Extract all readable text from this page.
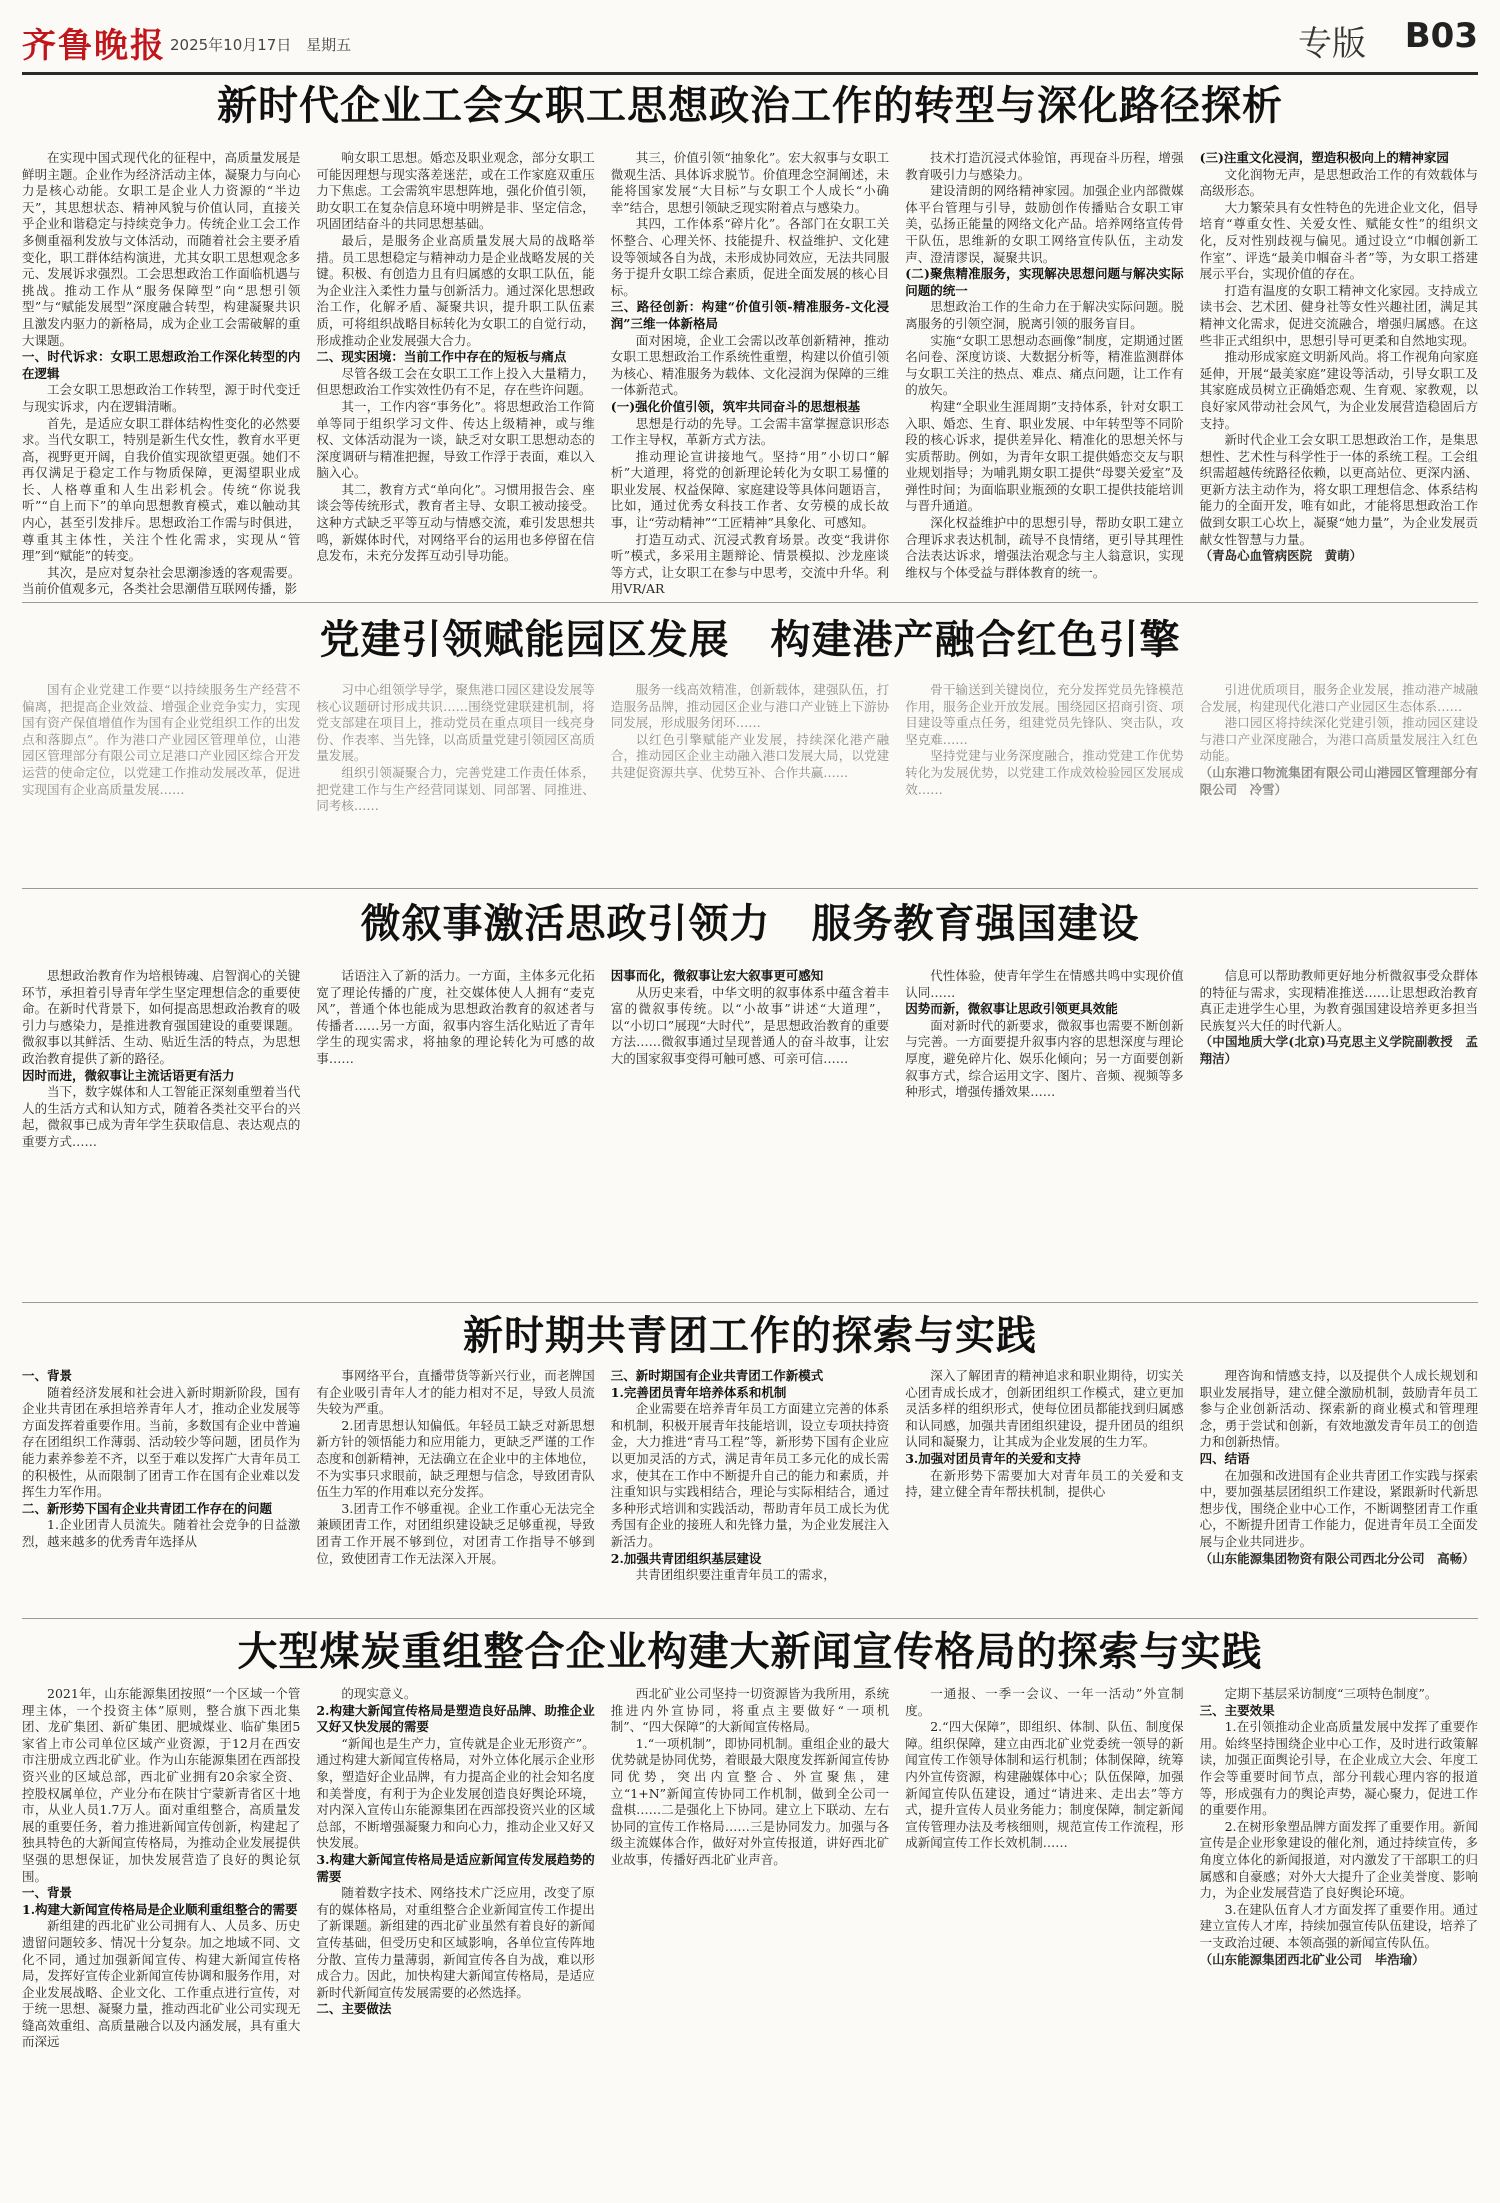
齐鲁晚报 2025年10月17日 星期五	专版 B03
新时代企业工会女职工思想政治工作的转型与深化路径探析

在实现中国式现代化的征程中，高质量发展是鲜明主题。企业作为经济活动主体，凝聚力与向心力是核心动能。女职工是企业人力资源的“半边天”，其思想状态、精神风貌与价值认同，直接关乎企业和谐稳定与持续竞争力。传统企业工会工作多侧重福利发放与文体活动，而随着社会主要矛盾变化，职工群体结构演进，尤其女职工思想观念多元、发展诉求强烈。工会思想政治工作面临机遇与挑战。推动工作从“服务保障型”向“思想引领型”与“赋能发展型”深度融合转型，构建凝聚共识且激发内驱力的新格局，成为企业工会需破解的重大课题。

一、时代诉求：女职工思想政治工作深化转型的内在逻辑

工会女职工思想政治工作转型，源于时代变迁与现实诉求，内在逻辑清晰。

首先，是适应女职工群体结构性变化的必然要求。当代女职工，特别是新生代女性，教育水平更高，视野更开阔，自我价值实现欲望更强。她们不再仅满足于稳定工作与物质保障，更渴望职业成长、人格尊重和人生出彩机会。传统“你说我听”“自上而下”的单向思想教育模式，难以触动其内心，甚至引发排斥。思想政治工作需与时俱进，尊重其主体性，关注个性化需求，实现从“管理”到“赋能”的转变。

其次，是应对复杂社会思潮渗透的客观需要。当前价值观多元，各类社会思潮借互联网传播，影

响女职工思想。婚恋及职业观念，部分女职工可能因理想与现实落差迷茫，或在工作家庭双重压力下焦虑。工会需筑牢思想阵地，强化价值引领，助女职工在复杂信息环境中明辨是非、坚定信念，巩固团结奋斗的共同思想基础。

最后，是服务企业高质量发展大局的战略举措。员工思想稳定与精神动力是企业战略发展的关键。积极、有创造力且有归属感的女职工队伍，能为企业注入柔性力量与创新活力。通过深化思想政治工作，化解矛盾、凝聚共识，提升职工队伍素质，可将组织战略目标转化为女职工的自觉行动，形成推动企业发展强大合力。

二、现实困境：当前工作中存在的短板与痛点

尽管各级工会在女职工工作上投入大量精力，但思想政治工作实效性仍有不足，存在些许问题。

其一，工作内容“事务化”。将思想政治工作简单等同于组织学习文件、传达上级精神，或与维权、文体活动混为一谈，缺乏对女职工思想动态的深度调研与精准把握，导致工作浮于表面，难以入脑入心。

其二，教育方式“单向化”。习惯用报告会、座谈会等传统形式，教育者主导、女职工被动接受。这种方式缺乏平等互动与情感交流，难引发思想共鸣，新媒体时代，对网络平台的运用也多停留在信息发布，未充分发挥互动引导功能。

其三，价值引领“抽象化”。宏大叙事与女职工微观生活、具体诉求脱节。价值理念空洞阐述，未能将国家发展“大目标”与女职工个人成长“小确幸”结合，思想引领缺乏现实附着点与感染力。

其四，工作体系“碎片化”。各部门在女职工关怀整合、心理关怀、技能提升、权益维护、文化建设等领域各自为战，未形成协同效应，无法共同服务于提升女职工综合素质，促进全面发展的核心目标。

三、路径创新：构建“价值引领-精准服务-文化浸润”三维一体新格局

面对困境，企业工会需以改革创新精神，推动女职工思想政治工作系统性重塑，构建以价值引领为核心、精准服务为载体、文化浸润为保障的三维一体新范式。

(一)强化价值引领，筑牢共同奋斗的思想根基

思想是行动的先导。工会需丰富掌握意识形态工作主导权，革新方式方法。

推动理论宣讲接地气。坚持“用”小切口“解析”大道理，将党的创新理论转化为女职工易懂的职业发展、权益保障、家庭建设等具体问题语言，比如，通过优秀女科技工作者、女劳模的成长故事，让“劳动精神”“工匠精神”具象化、可感知。

打造互动式、沉浸式教育场景。改变“我讲你听”模式，多采用主题辩论、情景模拟、沙龙座谈等方式，让女职工在参与中思考，交流中升华。利用VR/AR

技术打造沉浸式体验馆，再现奋斗历程，增强教育吸引力与感染力。

建设清朗的网络精神家园。加强企业内部微媒体平台管理与引导，鼓励创作传播贴合女职工审美，弘扬正能量的网络文化产品。培养网络宣传骨干队伍，思维新的女职工网络宣传队伍，主动发声、澄清谬误，凝聚共识。

(二)聚焦精准服务，实现解决思想问题与解决实际问题的统一

思想政治工作的生命力在于解决实际问题。脱离服务的引领空洞，脱离引领的服务盲目。

实施“女职工思想动态画像”制度，定期通过匿名问卷、深度访谈、大数据分析等，精准监测群体与女职工关注的热点、难点、痛点问题，让工作有的放矢。

构建“全职业生涯周期”支持体系，针对女职工入职、婚恋、生育、职业发展、中年转型等不同阶段的核心诉求，提供差异化、精准化的思想关怀与实质帮助。例如，为青年女职工提供婚恋交友与职业规划指导；为哺乳期女职工提供“母婴关爱室”及弹性时间；为面临职业瓶颈的女职工提供技能培训与晋升通道。

深化权益维护中的思想引导，帮助女职工建立合理诉求表达机制，疏导不良情绪，更引导其理性合法表达诉求，增强法治观念与主人翁意识，实现维权与个体受益与群体教育的统一。

(三)注重文化浸润，塑造积极向上的精神家园

文化润物无声，是思想政治工作的有效载体与高级形态。

大力繁荣具有女性特色的先进企业文化，倡导培育“尊重女性、关爱女性、赋能女性”的组织文化，反对性别歧视与偏见。通过设立“巾帼创新工作室”、评选“最美巾帼奋斗者”等，为女职工搭建展示平台，实现价值的存在。

打造有温度的女职工精神文化家园。支持成立读书会、艺术团、健身社等女性兴趣社团，满足其精神文化需求，促进交流融合，增强归属感。在这些非正式组织中，思想引导可更柔和自然地实现。

推动形成家庭文明新风尚。将工作视角向家庭延伸，开展“最美家庭”建设等活动，引导女职工及其家庭成员树立正确婚恋观、生育观、家教观，以良好家风带动社会风气，为企业发展营造稳固后方支持。

新时代企业工会女职工思想政治工作，是集思想性、艺术性与科学性于一体的系统工程。工会组织需超越传统路径依赖，以更高站位、更深内涵、更新方法主动作为，将女职工理想信念、体系结构能力的全面开发，唯有如此，才能将思想政治工作做到女职工心坎上，凝聚“她力量”，为企业发展贡献女性智慧与力量。

（青岛心血管病医院　黄萌）

党建引领赋能园区发展　构建港产融合红色引擎

国有企业党建工作要“以持续服务生产经营不偏离，把提高企业效益、增强企业竞争实力，实现国有资产保值增值作为国有企业党组织工作的出发点和落脚点”。作为港口产业园区管理单位，山港园区管理部分有限公司立足港口产业园区综合开发运营的使命定位，以党建工作推动发展改革，促进实现国有企业高质量发展……

习中心组领学导学，聚焦港口园区建设发展等核心议题研讨形成共识……围绕党建联建机制，将党支部建在项目上，推动党员在重点项目一线亮身份、作表率、当先锋，以高质量党建引领园区高质量发展。

组织引领凝聚合力，完善党建工作责任体系，把党建工作与生产经营同谋划、同部署、同推进、同考核……

服务一线高效精准，创新载体，建强队伍，打造服务品牌，推动园区企业与港口产业链上下游协同发展，形成服务闭环……

以红色引擎赋能产业发展，持续深化港产融合，推动园区企业主动融入港口发展大局，以党建共建促资源共享、优势互补、合作共赢……

骨干输送到关键岗位，充分发挥党员先锋模范作用，服务企业开放发展。围绕园区招商引资、项目建设等重点任务，组建党员先锋队、突击队，攻坚克难……

坚持党建与业务深度融合，推动党建工作优势转化为发展优势，以党建工作成效检验园区发展成效……

引进优质项目，服务企业发展，推动港产城融合发展，构建现代化港口产业园区生态体系……

港口园区将持续深化党建引领，推动园区建设与港口产业深度融合，为港口高质量发展注入红色动能。

（山东港口物流集团有限公司山港园区管理部分有限公司　冷雪）

微叙事激活思政引领力　服务教育强国建设

思想政治教育作为培根铸魂、启智润心的关键环节，承担着引导青年学生坚定理想信念的重要使命。在新时代背景下，如何提高思想政治教育的吸引力与感染力，是推进教育强国建设的重要课题。微叙事以其鲜活、生动、贴近生活的特点，为思想政治教育提供了新的路径。

因时而进，微叙事让主流话语更有活力

当下，数字媒体和人工智能正深刻重塑着当代人的生活方式和认知方式，随着各类社交平台的兴起，微叙事已成为青年学生获取信息、表达观点的重要方式……

话语注入了新的活力。一方面，主体多元化拓宽了理论传播的广度，社交媒体使人人拥有“麦克风”，普通个体也能成为思想政治教育的叙述者与传播者……另一方面，叙事内容生活化贴近了青年学生的现实需求，将抽象的理论转化为可感的故事……

因事而化，微叙事让宏大叙事更可感知

从历史来看，中华文明的叙事体系中蕴含着丰富的微叙事传统。以“小故事”讲述“大道理”，以“小切口”展现“大时代”，是思想政治教育的重要方法……微叙事通过呈现普通人的奋斗故事，让宏大的国家叙事变得可触可感、可亲可信……

代性体验，使青年学生在情感共鸣中实现价值认同……

因势而新，微叙事让思政引领更具效能

面对新时代的新要求，微叙事也需要不断创新与完善。一方面要提升叙事内容的思想深度与理论厚度，避免碎片化、娱乐化倾向；另一方面要创新叙事方式，综合运用文字、图片、音频、视频等多种形式，增强传播效果……

信息可以帮助教师更好地分析微叙事受众群体的特征与需求，实现精准推送……让思想政治教育真正走进学生心里，为教育强国建设培养更多担当民族复兴大任的时代新人。

（中国地质大学(北京)马克思主义学院副教授　孟翔洁）

新时期共青团工作的探索与实践

一、背景

随着经济发展和社会进入新时期新阶段，国有企业共青团在承担培养青年人才，推动企业发展等方面发挥着重要作用。当前，多数国有企业中普遍存在团组织工作薄弱、活动较少等问题，团员作为能力素养参差不齐，以至于难以发挥广大青年员工的积极性，从而限制了团青工作在国有企业难以发挥生力军作用。

二、新形势下国有企业共青团工作存在的问题

1.企业团青人员流失。随着社会竞争的日益激烈，越来越多的优秀青年选择从

事网络平台，直播带货等新兴行业，而老牌国有企业吸引青年人才的能力相对不足，导致人员流失较为严重。

2.团青思想认知偏低。年轻员工缺乏对新思想新方针的领悟能力和应用能力，更缺乏严谨的工作态度和创新精神，无法确立在企业中的主体地位，不为实事只求眼前，缺乏理想与信念，导致团青队伍生力军的作用难以充分发挥。

3.团青工作不够重视。企业工作重心无法完全兼顾团青工作，对团组织建设缺乏足够重视，导致团青工作开展不够到位，对团青工作指导不够到位，致使团青工作无法深入开展。

三、新时期国有企业共青团工作新模式

1.完善团员青年培养体系和机制

企业需要在培养青年员工方面建立完善的体系和机制，积极开展青年技能培训，设立专项扶持资金，大力推进“青马工程”等，新形势下国有企业应以更加灵活的方式，满足青年员工多元化的成长需求，使其在工作中不断提升自己的能力和素质，并注重知识与实践相结合，理论与实际相结合，通过多种形式培训和实践活动，帮助青年员工成长为优秀国有企业的接班人和先锋力量，为企业发展注入新活力。

2.加强共青团组织基层建设

共青团组织要注重青年员工的需求，

深入了解团青的精神追求和职业期待，切实关心团青成长成才，创新团组织工作模式，建立更加灵活多样的组织形式，使每位团员都能找到归属感和认同感，加强共青团组织建设，提升团员的组织认同和凝聚力，让其成为企业发展的生力军。

3.加强对团员青年的关爱和支持

在新形势下需要加大对青年员工的关爱和支持，建立健全青年帮扶机制，提供心

理咨询和情感支持，以及提供个人成长规划和职业发展指导，建立健全激励机制，鼓励青年员工参与企业创新活动、探索新的商业模式和管理理念，勇于尝试和创新，有效地激发青年员工的创造力和创新热情。

四、结语

在加强和改进国有企业共青团工作实践与探索中，要加强基层团组织工作建设，紧跟新时代新思想步伐，围绕企业中心工作，不断调整团青工作重心，不断提升团青工作能力，促进青年员工全面发展与企业共同进步。

（山东能源集团物资有限公司西北分公司　高畅）

大型煤炭重组整合企业构建大新闻宣传格局的探索与实践

2021年，山东能源集团按照“一个区域一个管理主体，一个投资主体”原则，整合旗下西北集团、龙矿集团、新矿集团、肥城煤业、临矿集团5家省上市公司单位区域产业资源，于12月在西安市注册成立西北矿业。作为山东能源集团在西部投资兴业的区域总部，西北矿业拥有20余家全资、控股权属单位，产业分布在陕甘宁蒙新青省区十地市，从业人员1.7万人。面对重组整合，高质量发展的重要任务，着力推进新闻宣传创新，构建起了独具特色的大新闻宣传格局，为推动企业发展提供坚强的思想保证，加快发展营造了良好的舆论氛围。

一、背景

1.构建大新闻宣传格局是企业顺利重组整合的需要

新组建的西北矿业公司拥有人、人员多、历史遗留问题较多、情况十分复杂。加之地域不同、文化不同，通过加强新闻宣传、构建大新闻宣传格局，发挥好宣传企业新闻宣传协调和服务作用，对企业发展战略、企业文化、工作重点进行宣传，对于统一思想、凝聚力量，推动西北矿业公司实现无缝高效重组、高质量融合以及内涵发展，具有重大而深远

的现实意义。

2.构建大新闻宣传格局是塑造良好品牌、助推企业又好又快发展的需要

“新闻也是生产力，宣传就是企业无形资产”。通过构建大新闻宣传格局，对外立体化展示企业形象，塑造好企业品牌，有力提高企业的社会知名度和美誉度，有利于为企业发展创造良好舆论环境，对内深入宣传山东能源集团在西部投资兴业的区域总部，不断增强凝聚力和向心力，推动企业又好又快发展。

3.构建大新闻宣传格局是适应新闻宣传发展趋势的需要

随着数字技术、网络技术广泛应用，改变了原有的媒体格局，对重组整合企业新闻宣传工作提出了新课题。新组建的西北矿业虽然有着良好的新闻宣传基础，但受历史和区域影响，各单位宣传阵地分散、宣传力量薄弱，新闻宣传各自为战，难以形成合力。因此，加快构建大新闻宣传格局，是适应新时代新闻宣传发展需要的必然选择。

二、主要做法

西北矿业公司坚持一切资源皆为我所用，系统推进内外宣协同，将重点主要做好“一项机制”、“四大保障”的大新闻宣传格局。

1.“一项机制”，即协同机制。重组企业的最大优势就是协同优势，着眼最大限度发挥新闻宣传协同优势，突出内宣整合、外宣聚焦，建立“1+N”新闻宣传协同工作机制，做到全公司一盘棋……二是强化上下协同。建立上下联动、左右协同的宣传工作格局……三是协同发力。加强与各级主流媒体合作，做好对外宣传报道，讲好西北矿业故事，传播好西北矿业声音。

一通报、一季一会议、一年一活动”外宣制度。

2.“四大保障”，即组织、体制、队伍、制度保障。组织保障，建立由西北矿业党委统一领导的新闻宣传工作领导体制和运行机制；体制保障，统筹内外宣传资源，构建融媒体中心；队伍保障，加强新闻宣传队伍建设，通过“请进来、走出去”等方式，提升宣传人员业务能力；制度保障，制定新闻宣传管理办法及考核细则，规范宣传工作流程，形成新闻宣传工作长效机制……

定期下基层采访制度“三项特色制度”。

三、主要效果

1.在引领推动企业高质量发展中发挥了重要作用。始终坚持围绕企业中心工作，及时进行政策解读，加强正面舆论引导，在企业成立大会、年度工作会等重要时间节点，部分刊载心理内容的报道等，形成强有力的舆论声势，凝心聚力，促进工作的重要作用。

2.在树形象塑品牌方面发挥了重要作用。新闻宣传是企业形象建设的催化剂，通过持续宣传，多角度立体化的新闻报道，对内激发了干部职工的归属感和自豪感；对外大大提升了企业美誉度、影响力，为企业发展营造了良好舆论环境。

3.在建队伍育人才方面发挥了重要作用。通过建立宣传人才库，持续加强宣传队伍建设，培养了一支政治过硬、本领高强的新闻宣传队伍。

（山东能源集团西北矿业公司　毕浩瑜）
